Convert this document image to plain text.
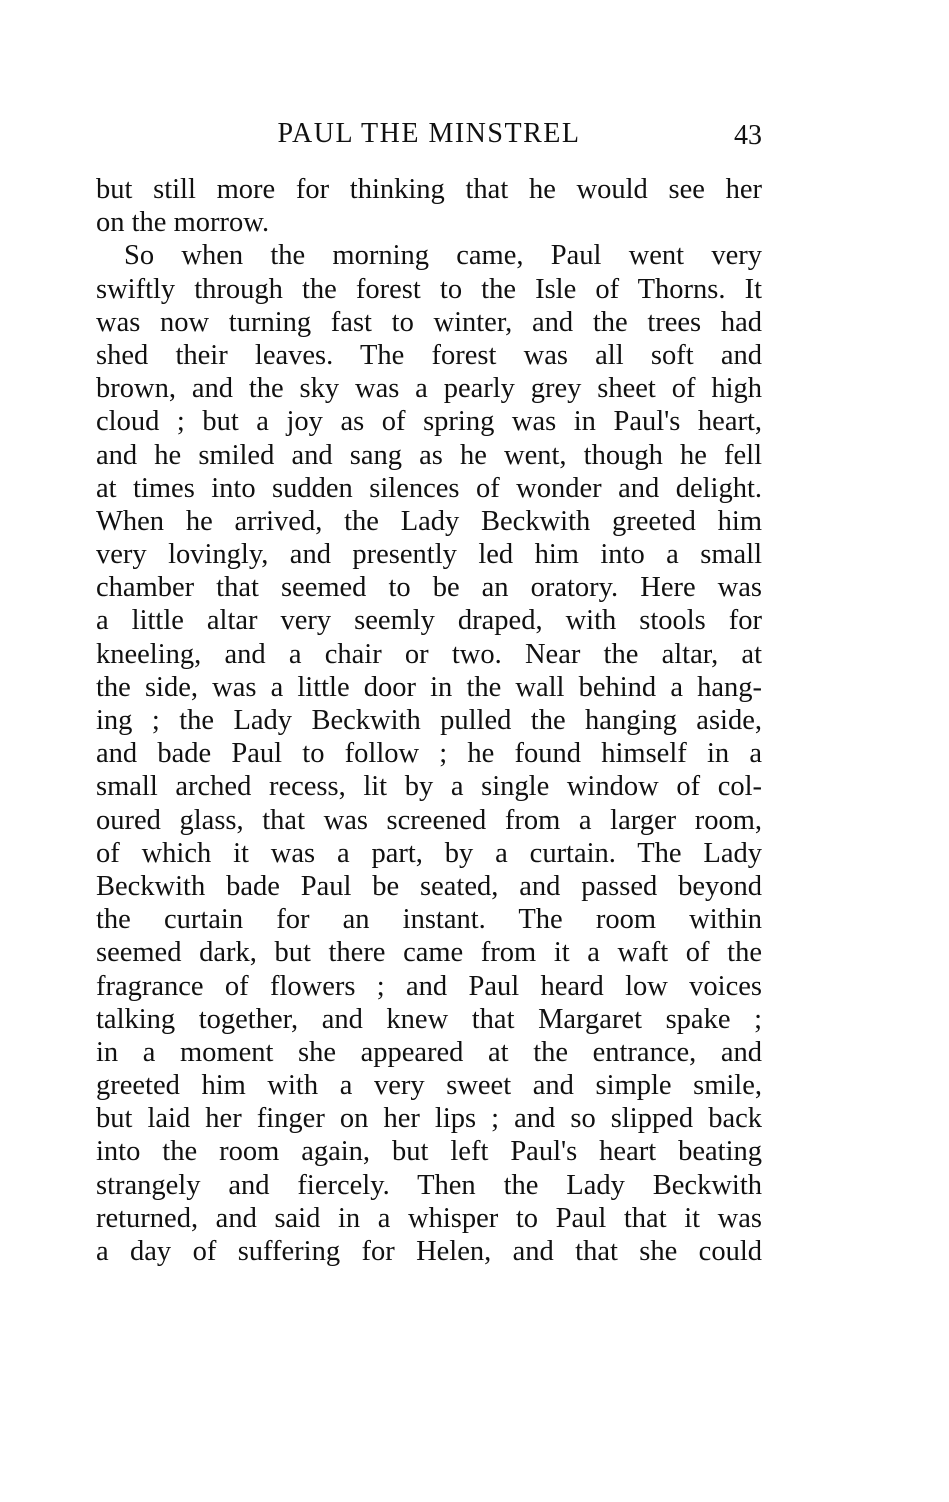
PAUL THE MINSTREL	43
but still more for thinking that he would see her
on the morrow.
So when the morning came, Paul went very
swiftly through the forest to the Isle of Thorns. It
was now turning fast to winter, and the trees had
shed their leaves. The forest was all soft and
brown, and the sky was a pearly grey sheet of high
cloud ; but a joy as of spring was in Paul's heart,
and he smiled and sang as he went, though he fell
at times into sudden silences of wonder and delight.
When he arrived, the Lady Beckwith greeted him
very lovingly, and presently led him into a small
chamber that seemed to be an oratory. Here was
a little altar very seemly draped, with stools for
kneeling, and a chair or two. Near the altar, at
the side, was a little door in the wall behind a hang-
ing ; the Lady Beckwith pulled the hanging aside,
and bade Paul to follow ; he found himself in a
small arched recess, lit by a single window of col-
oured glass, that was screened from a larger room,
of which it was a part, by a curtain. The Lady
Beckwith bade Paul be seated, and passed beyond
the curtain for an instant. The room within
seemed dark, but there came from it a waft of the
fragrance of flowers ; and Paul heard low voices
talking together, and knew that Margaret spake ;
in a moment she appeared at the entrance, and
greeted him with a very sweet and simple smile,
but laid her finger on her lips ; and so slipped back
into the room again, but left Paul's heart beating
strangely and fiercely. Then the Lady Beckwith
returned, and said in a whisper to Paul that it was
a day of suffering for Helen, and that she could
